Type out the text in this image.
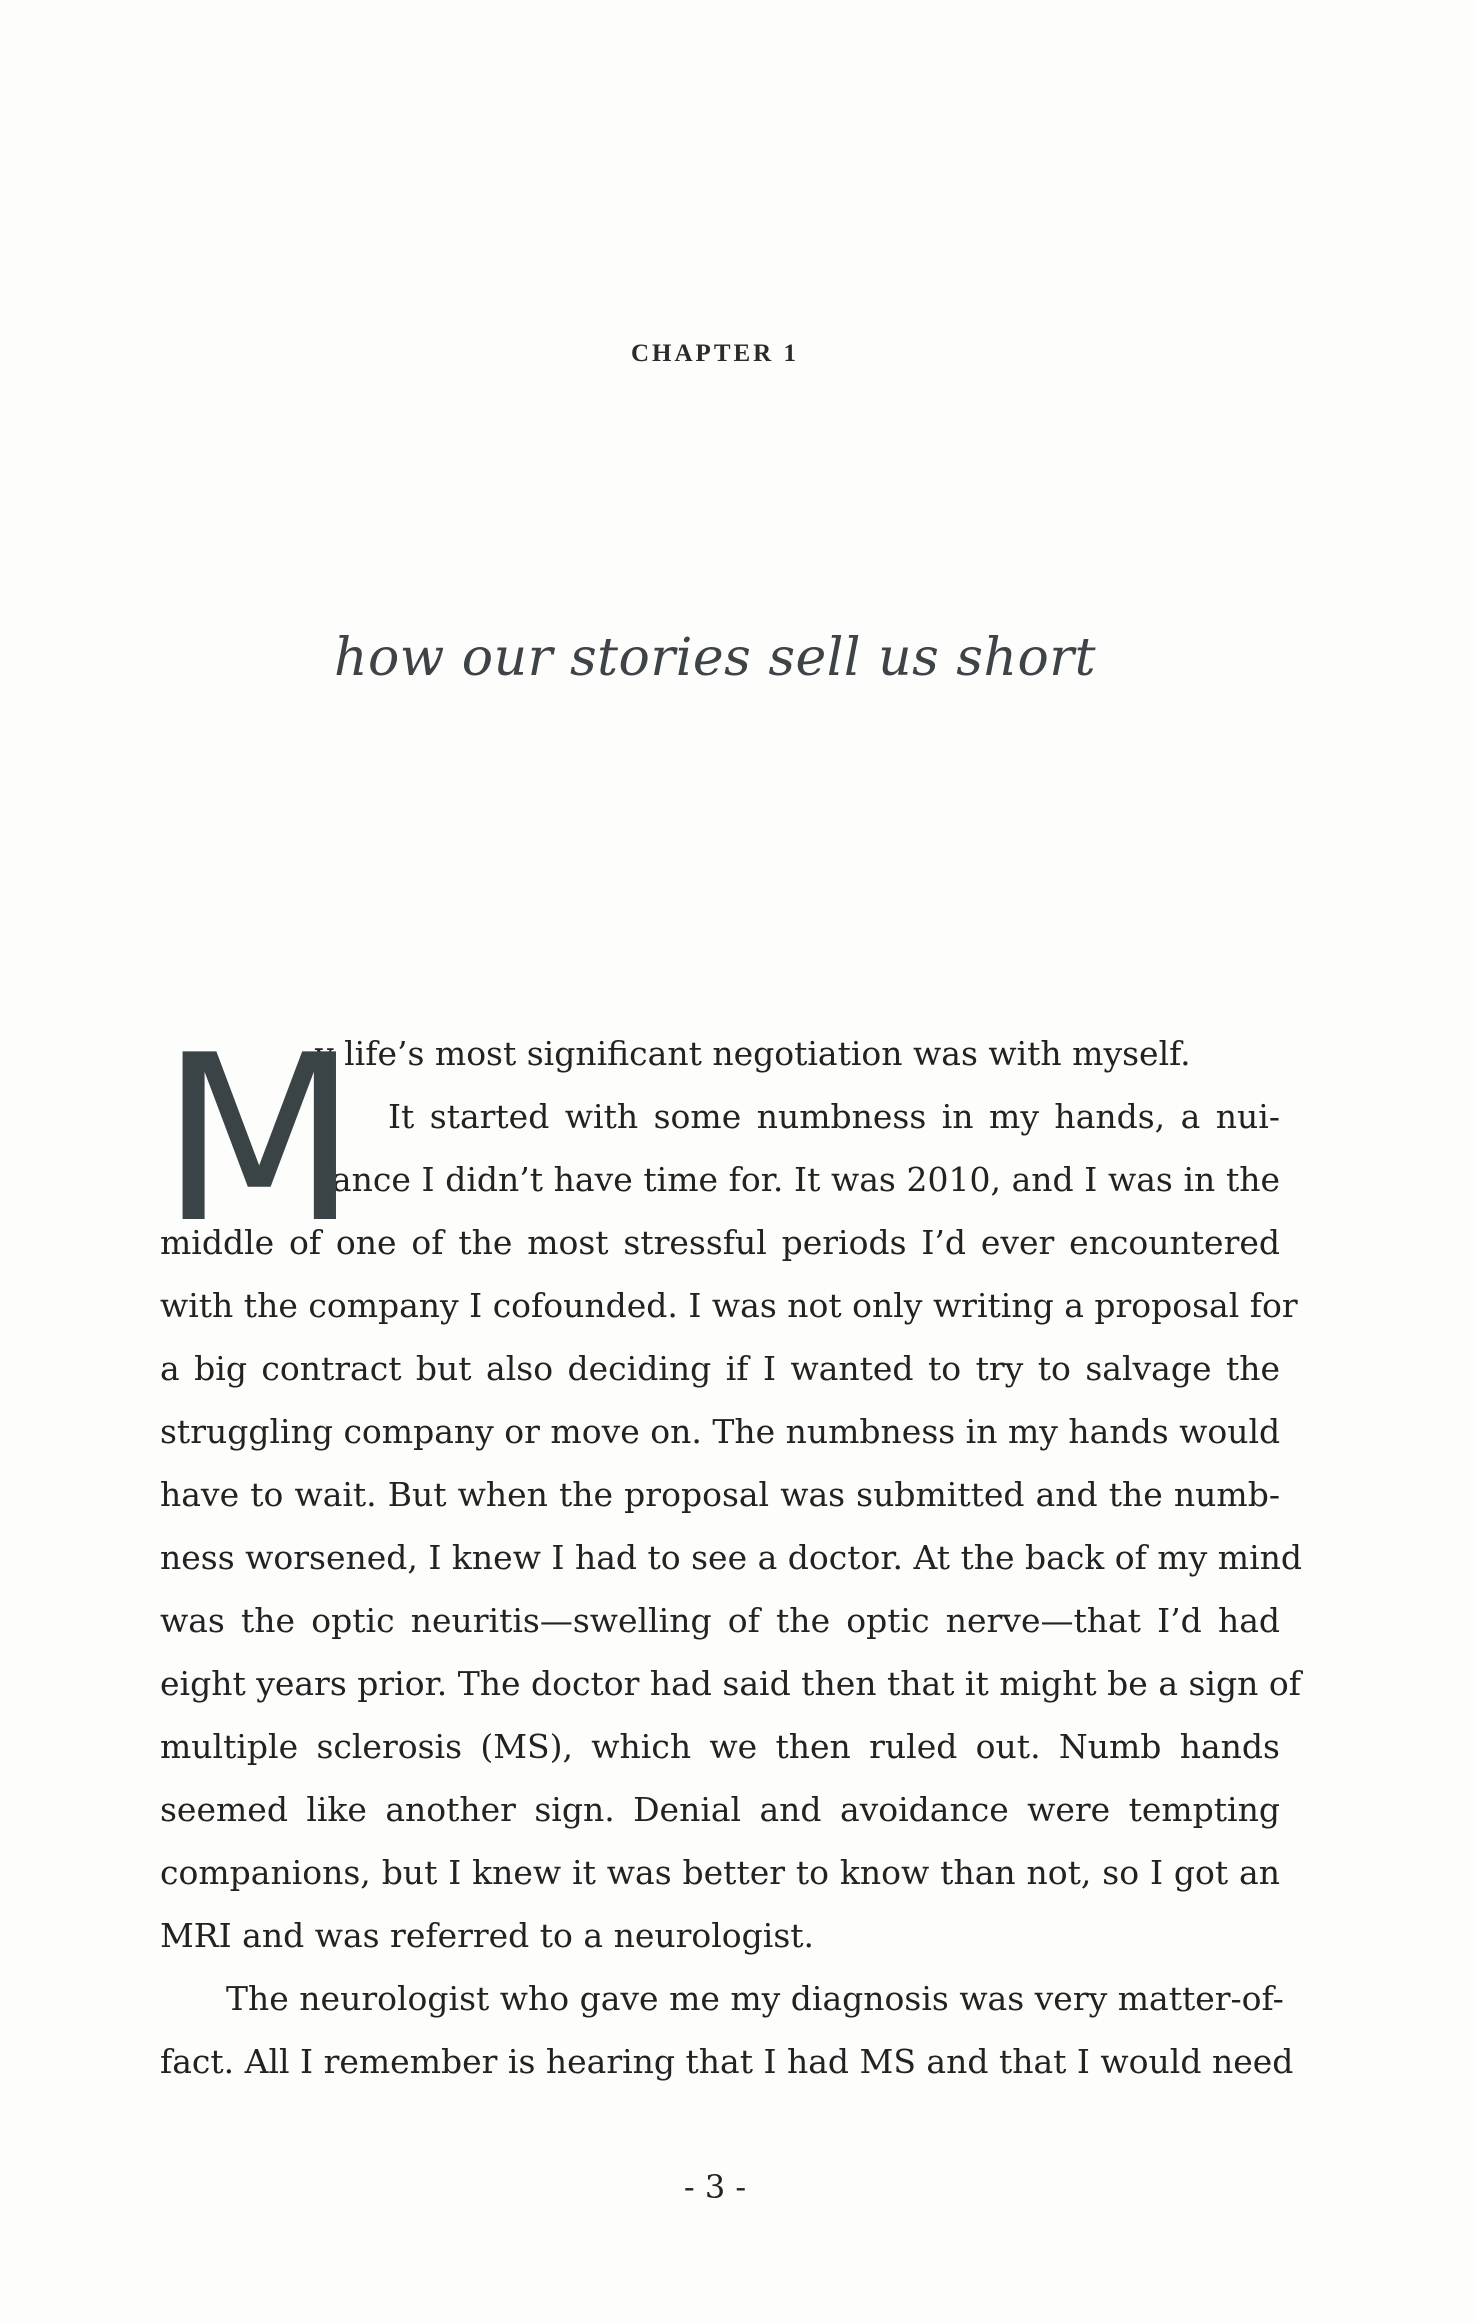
CHAPTER 1
how our stories sell us short
M
y life’s most significant negotiation was with myself.
It started with some numbness in my hands, a nui-
sance I didn’t have time for. It was 2010, and I was in the
middle of one of the most stressful periods I’d ever encountered
with the company I cofounded. I was not only writing a proposal for
a big contract but also deciding if I wanted to try to salvage the
struggling company or move on. The numbness in my hands would
have to wait. But when the proposal was submitted and the numb-
ness worsened, I knew I had to see a doctor. At the back of my mind
was the optic neuritis—swelling of the optic nerve—that I’d had
eight years prior. The doctor had said then that it might be a sign of
multiple sclerosis (MS), which we then ruled out. Numb hands
seemed like another sign. Denial and avoidance were tempting
companions, but I knew it was better to know than not, so I got an
MRI and was referred to a neurologist.
The neurologist who gave me my diagnosis was very matter-of-
fact. All I remember is hearing that I had MS and that I would need
- 3 -
